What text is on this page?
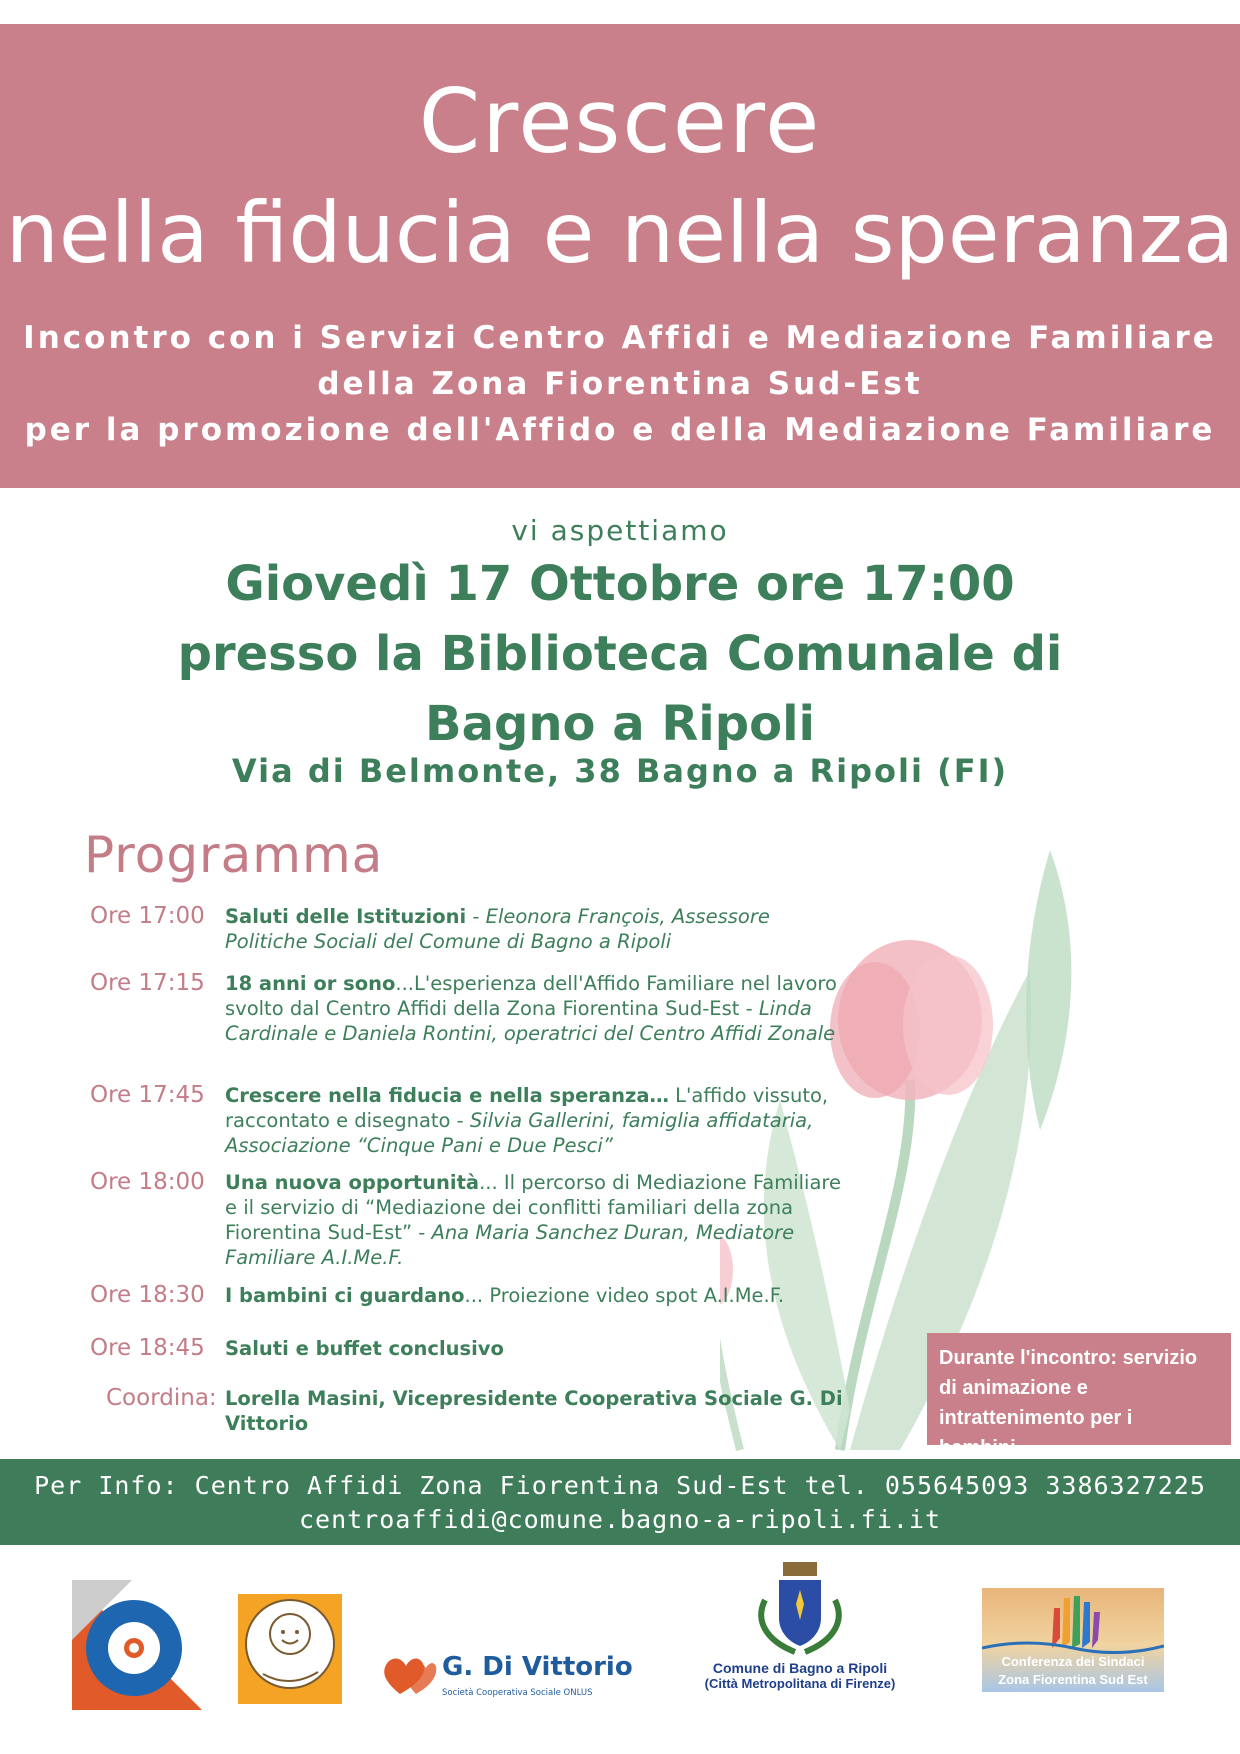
Crescere
nella fiducia e nella speranza
Incontro con i Servizi Centro Affidi e Mediazione Familiare
della Zona Fiorentina Sud-Est
per la promozione dell'Affido e della Mediazione Familiare
vi aspettiamo
Giovedì 17 Ottobre ore 17:00
presso la Biblioteca Comunale di
Bagno a Ripoli
Via di Belmonte, 38 Bagno a Ripoli (FI)
Programma
Ore 17:00	Saluti delle Istituzioni - Eleonora François, Assessore Politiche Sociali del Comune di Bagno a Ripoli
Ore 17:15	18 anni or sono...L'esperienza dell'Affido Familiare nel lavoro svolto dal Centro Affidi della Zona Fiorentina Sud-Est - Linda Cardinale e Daniela Rontini, operatrici del Centro Affidi Zonale
Ore 17:45	Crescere nella fiducia e nella speranza… L'affido vissuto, raccontato e disegnato - Silvia Gallerini, famiglia affidataria, Associazione “Cinque Pani e Due Pesci”
Ore 18:00	Una nuova opportunità... Il percorso di Mediazione Familiare e il servizio di “Mediazione dei conflitti familiari della zona Fiorentina Sud-Est” - Ana Maria Sanchez Duran, Mediatore Familiare A.I.Me.F.
Ore 18:30	I bambini ci guardano... Proiezione video spot A.I.Me.F.
Ore 18:45	Saluti e buffet conclusivo
Coordina: Lorella Masini, Vicepresidente Cooperativa Sociale G. Di Vittorio
Durante l'incontro: servizio di animazione e intrattenimento per i bambini…
Per Info: Centro Affidi Zona Fiorentina Sud-Est tel. 055645093 3386327225
centroaffidi@comune.bagno-a-ripoli.fi.it
G. Di Vittorio
Società Cooperativa Sociale ONLUS
Comune di Bagno a Ripoli
(Città Metropolitana di Firenze)
Conferenza dei Sindaci
Zona Fiorentina Sud Est
